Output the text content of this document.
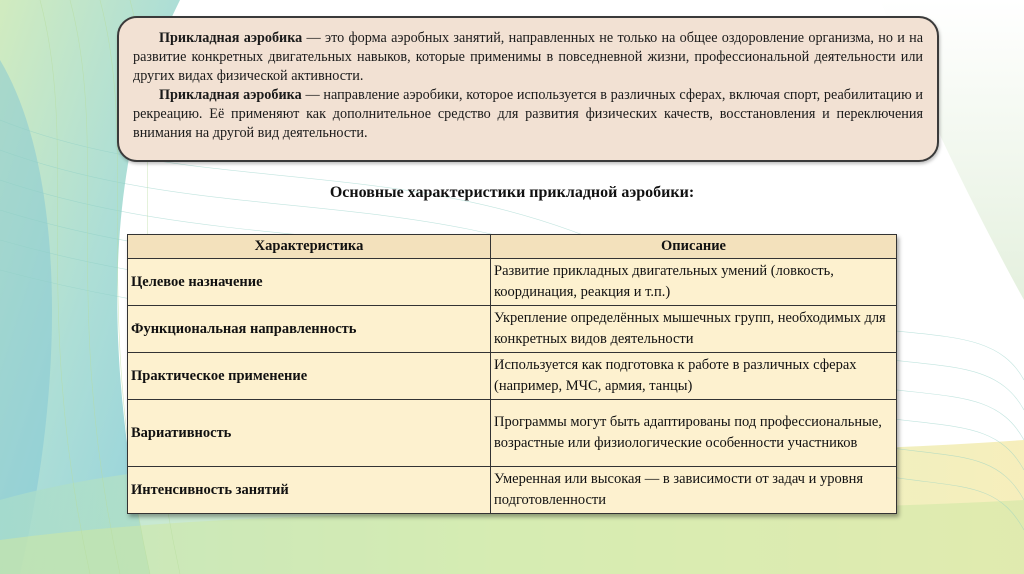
Прикладная аэробика — это форма аэробных занятий, направленных не только на общее оздоровление организма, но и на развитие конкретных двигательных навыков, которые применимы в повседневной жизни, профессиональной деятельности или других видах физической активности.

Прикладная аэробика — направление аэробики, которое используется в различных сферах, включая спорт, реабилитацию и рекреацию. Её применяют как дополнительное средство для развития физических качеств, восстановления и переключения внимания на другой вид деятельности.

Основные характеристики прикладной аэробики:
Характеристика	Описание
Целевое назначение	Развитие прикладных двигательных умений (ловкость, координация, реакция и т.п.)
Функциональная направленность	Укрепление определённых мышечных групп, необходимых для конкретных видов деятельности
Практическое применение	Используется как подготовка к работе в различных сферах (например, МЧС, армия, танцы)
Вариативность	Программы могут быть адаптированы под профессиональные, возрастные или физиологические особенности участников
Интенсивность занятий	Умеренная или высокая — в зависимости от задач и уровня подготовленности
